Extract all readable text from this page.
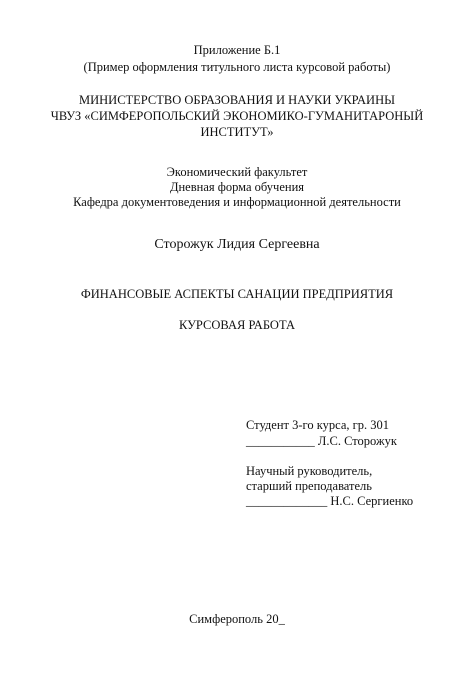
Приложение Б.1
(Пример оформления титульного листа курсовой работы)
МИНИСТЕРСТВО ОБРАЗОВАНИЯ И НАУКИ УКРАИНЫ
ЧВУЗ «СИМФЕРОПОЛЬСКИЙ ЭКОНОМИКО-ГУМАНИТАРОНЫЙ
ИНСТИТУТ»
Экономический факультет
Дневная форма обучения
Кафедра документоведения и информационной деятельности
Сторожук Лидия Сергеевна
ФИНАНСОВЫЕ АСПЕКТЫ САНАЦИИ ПРЕДПРИЯТИЯ
КУРСОВАЯ РАБОТА
Студент 3-го курса, гр. 301
___________ Л.С. Сторожук
Научный руководитель,
старший преподаватель
_____________ Н.С. Сергиенко
Симферополь 20_
